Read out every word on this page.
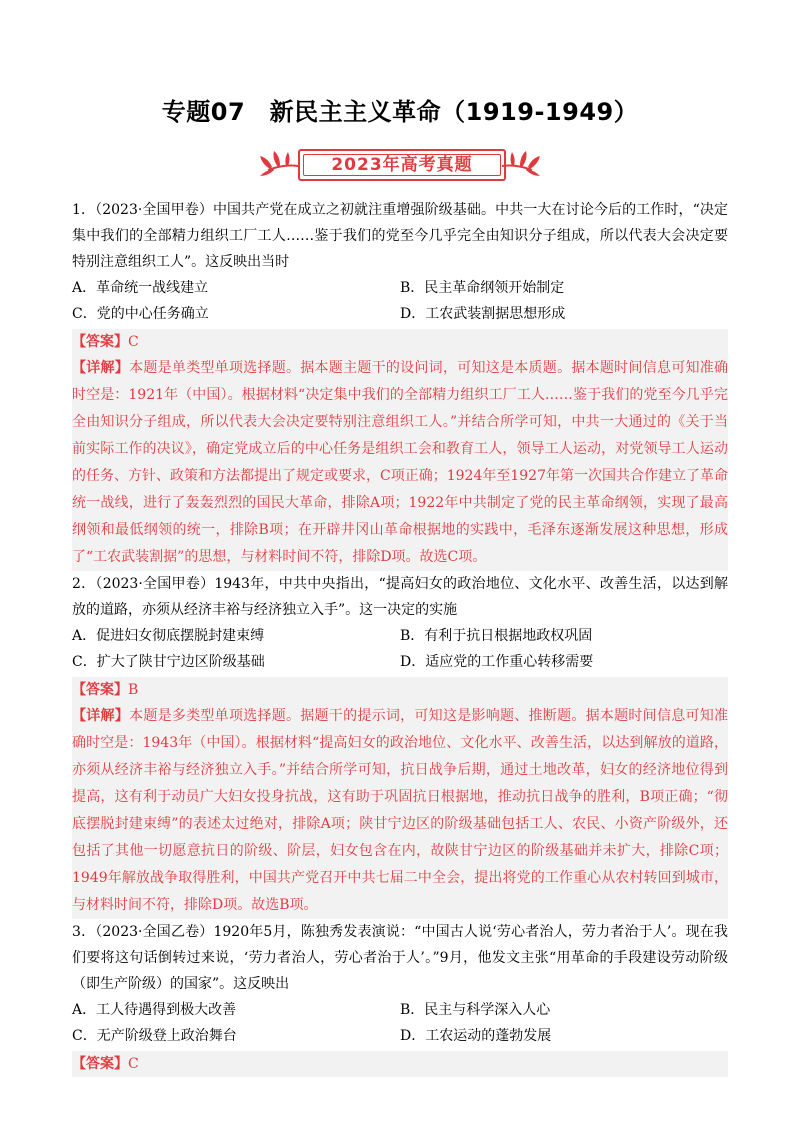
专题07　新民主主义革命（1919-1949）
2023年高考真题

1．（2023·全国甲卷）中国共产党在成立之初就注重增强阶级基础。中共一大在讨论今后的工作时，“决定集中我们的全部精力组织工厂工人……鉴于我们的党至今几乎完全由知识分子组成，所以代表大会决定要特别注意组织工人”。这反映出当时

A．革命统一战线建立	B．民主革命纲领开始制定
C．党的中心任务确立	D．工农武装割据思想形成

【答案】C

【详解】本题是单类型单项选择题。据本题主题干的设问词，可知这是本质题。据本题时间信息可知准确时空是：1921年（中国）。根据材料“决定集中我们的全部精力组织工厂工人……鉴于我们的党至今几乎完全由知识分子组成，所以代表大会决定要特别注意组织工人。”并结合所学可知，中共一大通过的《关于当前实际工作的决议》，确定党成立后的中心任务是组织工会和教育工人，领导工人运动，对党领导工人运动的任务、方针、政策和方法都提出了规定或要求，C项正确；1924年至1927年第一次国共合作建立了革命统一战线，进行了轰轰烈烈的国民大革命，排除A项；1922年中共制定了党的民主革命纲领，实现了最高纲领和最低纲领的统一，排除B项；在开辟井冈山革命根据地的实践中，毛泽东逐渐发展这种思想，形成了“工农武装割据”的思想，与材料时间不符，排除D项。故选C项。

2．（2023·全国甲卷）1943年，中共中央指出，“提高妇女的政治地位、文化水平、改善生活，以达到解放的道路，亦须从经济丰裕与经济独立入手”。这一决定的实施

A．促进妇女彻底摆脱封建束缚	B．有利于抗日根据地政权巩固
C．扩大了陕甘宁边区阶级基础	D．适应党的工作重心转移需要

【答案】B

【详解】本题是多类型单项选择题。据题干的提示词，可知这是影响题、推断题。据本题时间信息可知准确时空是：1943年（中国）。根据材料“提高妇女的政治地位、文化水平、改善生活，以达到解放的道路，亦须从经济丰裕与经济独立入手。”并结合所学可知，抗日战争后期，通过土地改革，妇女的经济地位得到提高，这有利于动员广大妇女投身抗战，这有助于巩固抗日根据地，推动抗日战争的胜利，B项正确；“彻底摆脱封建束缚”的表述太过绝对，排除A项；陕甘宁边区的阶级基础包括工人、农民、小资产阶级外，还包括了其他一切愿意抗日的阶级、阶层，妇女包含在内，故陕甘宁边区的阶级基础并未扩大，排除C项；1949年解放战争取得胜利，中国共产党召开中共七届二中全会，提出将党的工作重心从农村转回到城市，与材料时间不符，排除D项。故选B项。

3．（2023·全国乙卷）1920年5月，陈独秀发表演说：“中国古人说‘劳心者治人，劳力者治于人’。现在我们要将这句话倒转过来说，‘劳力者治人，劳心者治于人’。”9月，他发文主张“用革命的手段建设劳动阶级（即生产阶级）的国家”。这反映出

A．工人待遇得到极大改善	B．民主与科学深入人心
C．无产阶级登上政治舞台	D．工农运动的蓬勃发展

【答案】C
